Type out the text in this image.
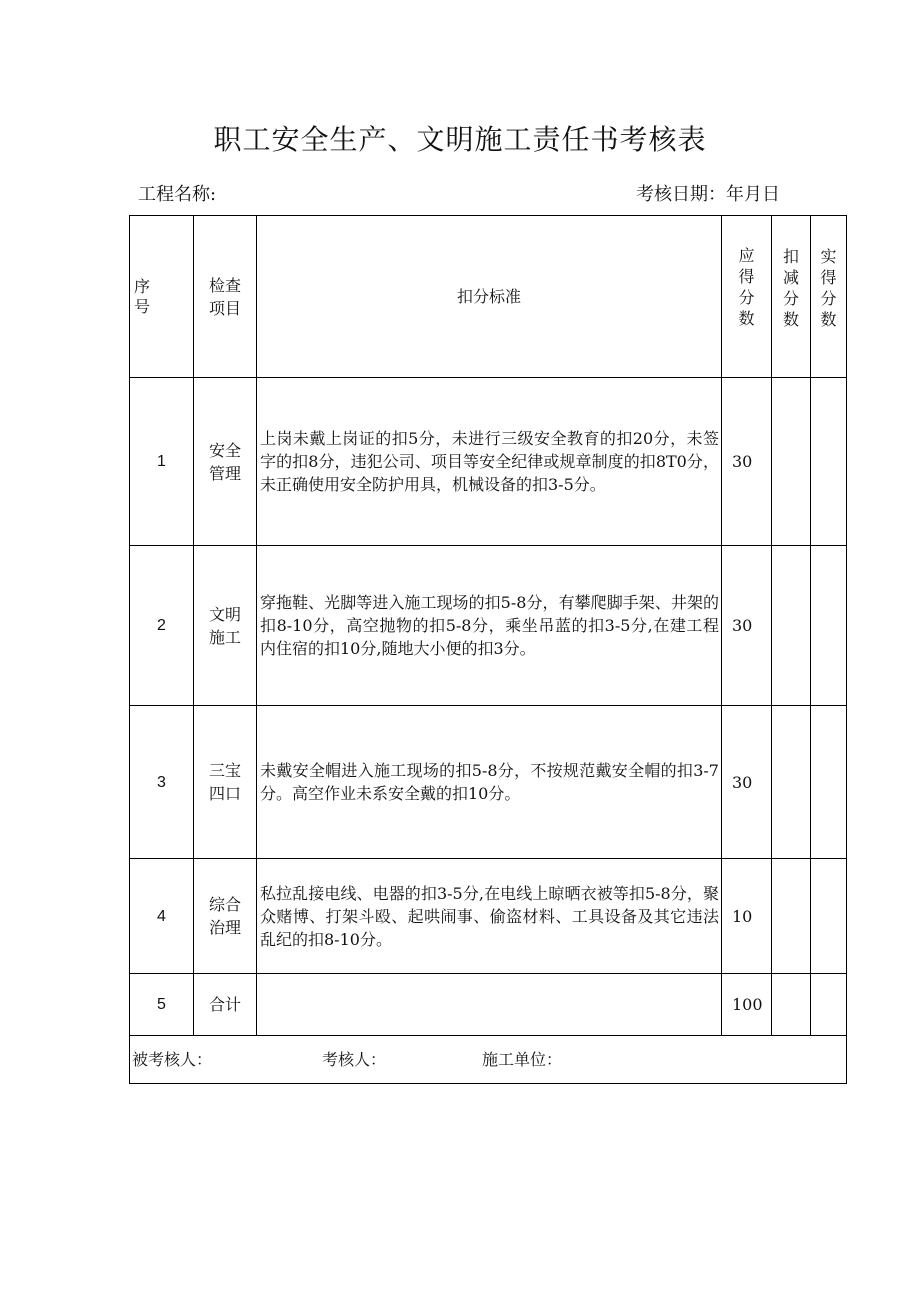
职工安全生产、文明施工责任书考核表
工程名称:	考核日期：年月日
序号	检查项目	扣分标准	应得分数	扣减分数	实得分数

1	安全管理	上岗未戴上岗证的扣5分，未进行三级安全教育的扣20分，未签字的扣8分，违犯公司、项目等安全纪律或规章制度的扣8T0分，未正确使用安全防护用具，机械设备的扣3-5分。	30		
2	文明施工	穿拖鞋、光脚等进入施工现场的扣5-8分，有攀爬脚手架、井架的扣8-10分，高空抛物的扣5-8分，乘坐吊蓝的扣3-5分,在建工程内住宿的扣10分,随地大小便的扣3分。	30		
3	三宝四口	未戴安全帽进入施工现场的扣5-8分，不按规范戴安全帽的扣3-7分。高空作业未系安全戴的扣10分。	30		
4	综合治理	私拉乱接电线、电器的扣3-5分,在电线上晾晒衣被等扣5-8分，聚众赌博、打架斗殴、起哄闹事、偷盗材料、工具设备及其它违法乱纪的扣8-10分。	10		
5	合计		100		
被考核人： 考核人： 施工单位：					
